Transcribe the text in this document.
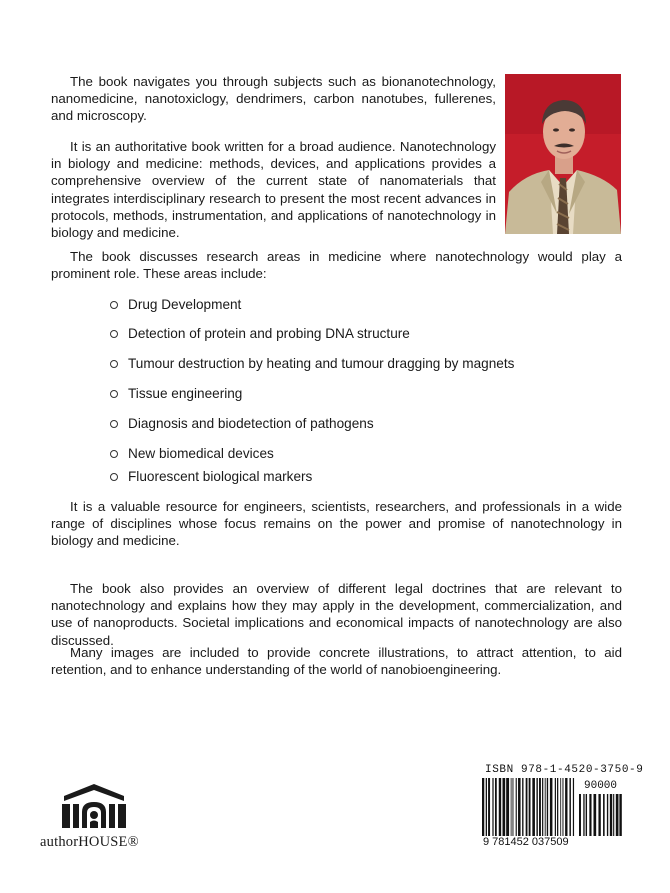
The book navigates you through subjects such as bionanotechnology, nanomedicine, nanotoxiclogy, dendrimers, carbon nanotubes, fullerenes, and microscopy.

It is an authoritative book written for a broad audience. Nanotechnology in biology and medicine: methods, devices, and applications provides a comprehensive overview of the current state of nanomaterials that integrates interdisciplinary research to present the most recent advances in protocols, methods, instrumentation, and applications of nanotechnology in biology and medicine.

The book discusses research areas in medicine where nanotechnology would play a prominent role. These areas include:

Drug Development
Detection of protein and probing DNA structure
Tumour destruction by heating and tumour dragging by magnets
Tissue engineering
Diagnosis and biodetection of pathogens
New biomedical devices
Fluorescent biological markers

It is a valuable resource for engineers, scientists, researchers, and professionals in a wide range of disciplines whose focus remains on the power and promise of nanotechnology in biology and medicine.

The book also provides an overview of different legal doctrines that are relevant to nanotechnology and explains how they may apply in the development, commercialization, and use of nanoproducts. Societal implications and economical impacts of nanotechnology are also discussed.

Many images are included to provide concrete illustrations, to attract attention, to aid retention, and to enhance understanding of the world of nanobioengineering.

authorHOUSE®
ISBN 978-1-4520-3750-9
90000
9 781452 037509
